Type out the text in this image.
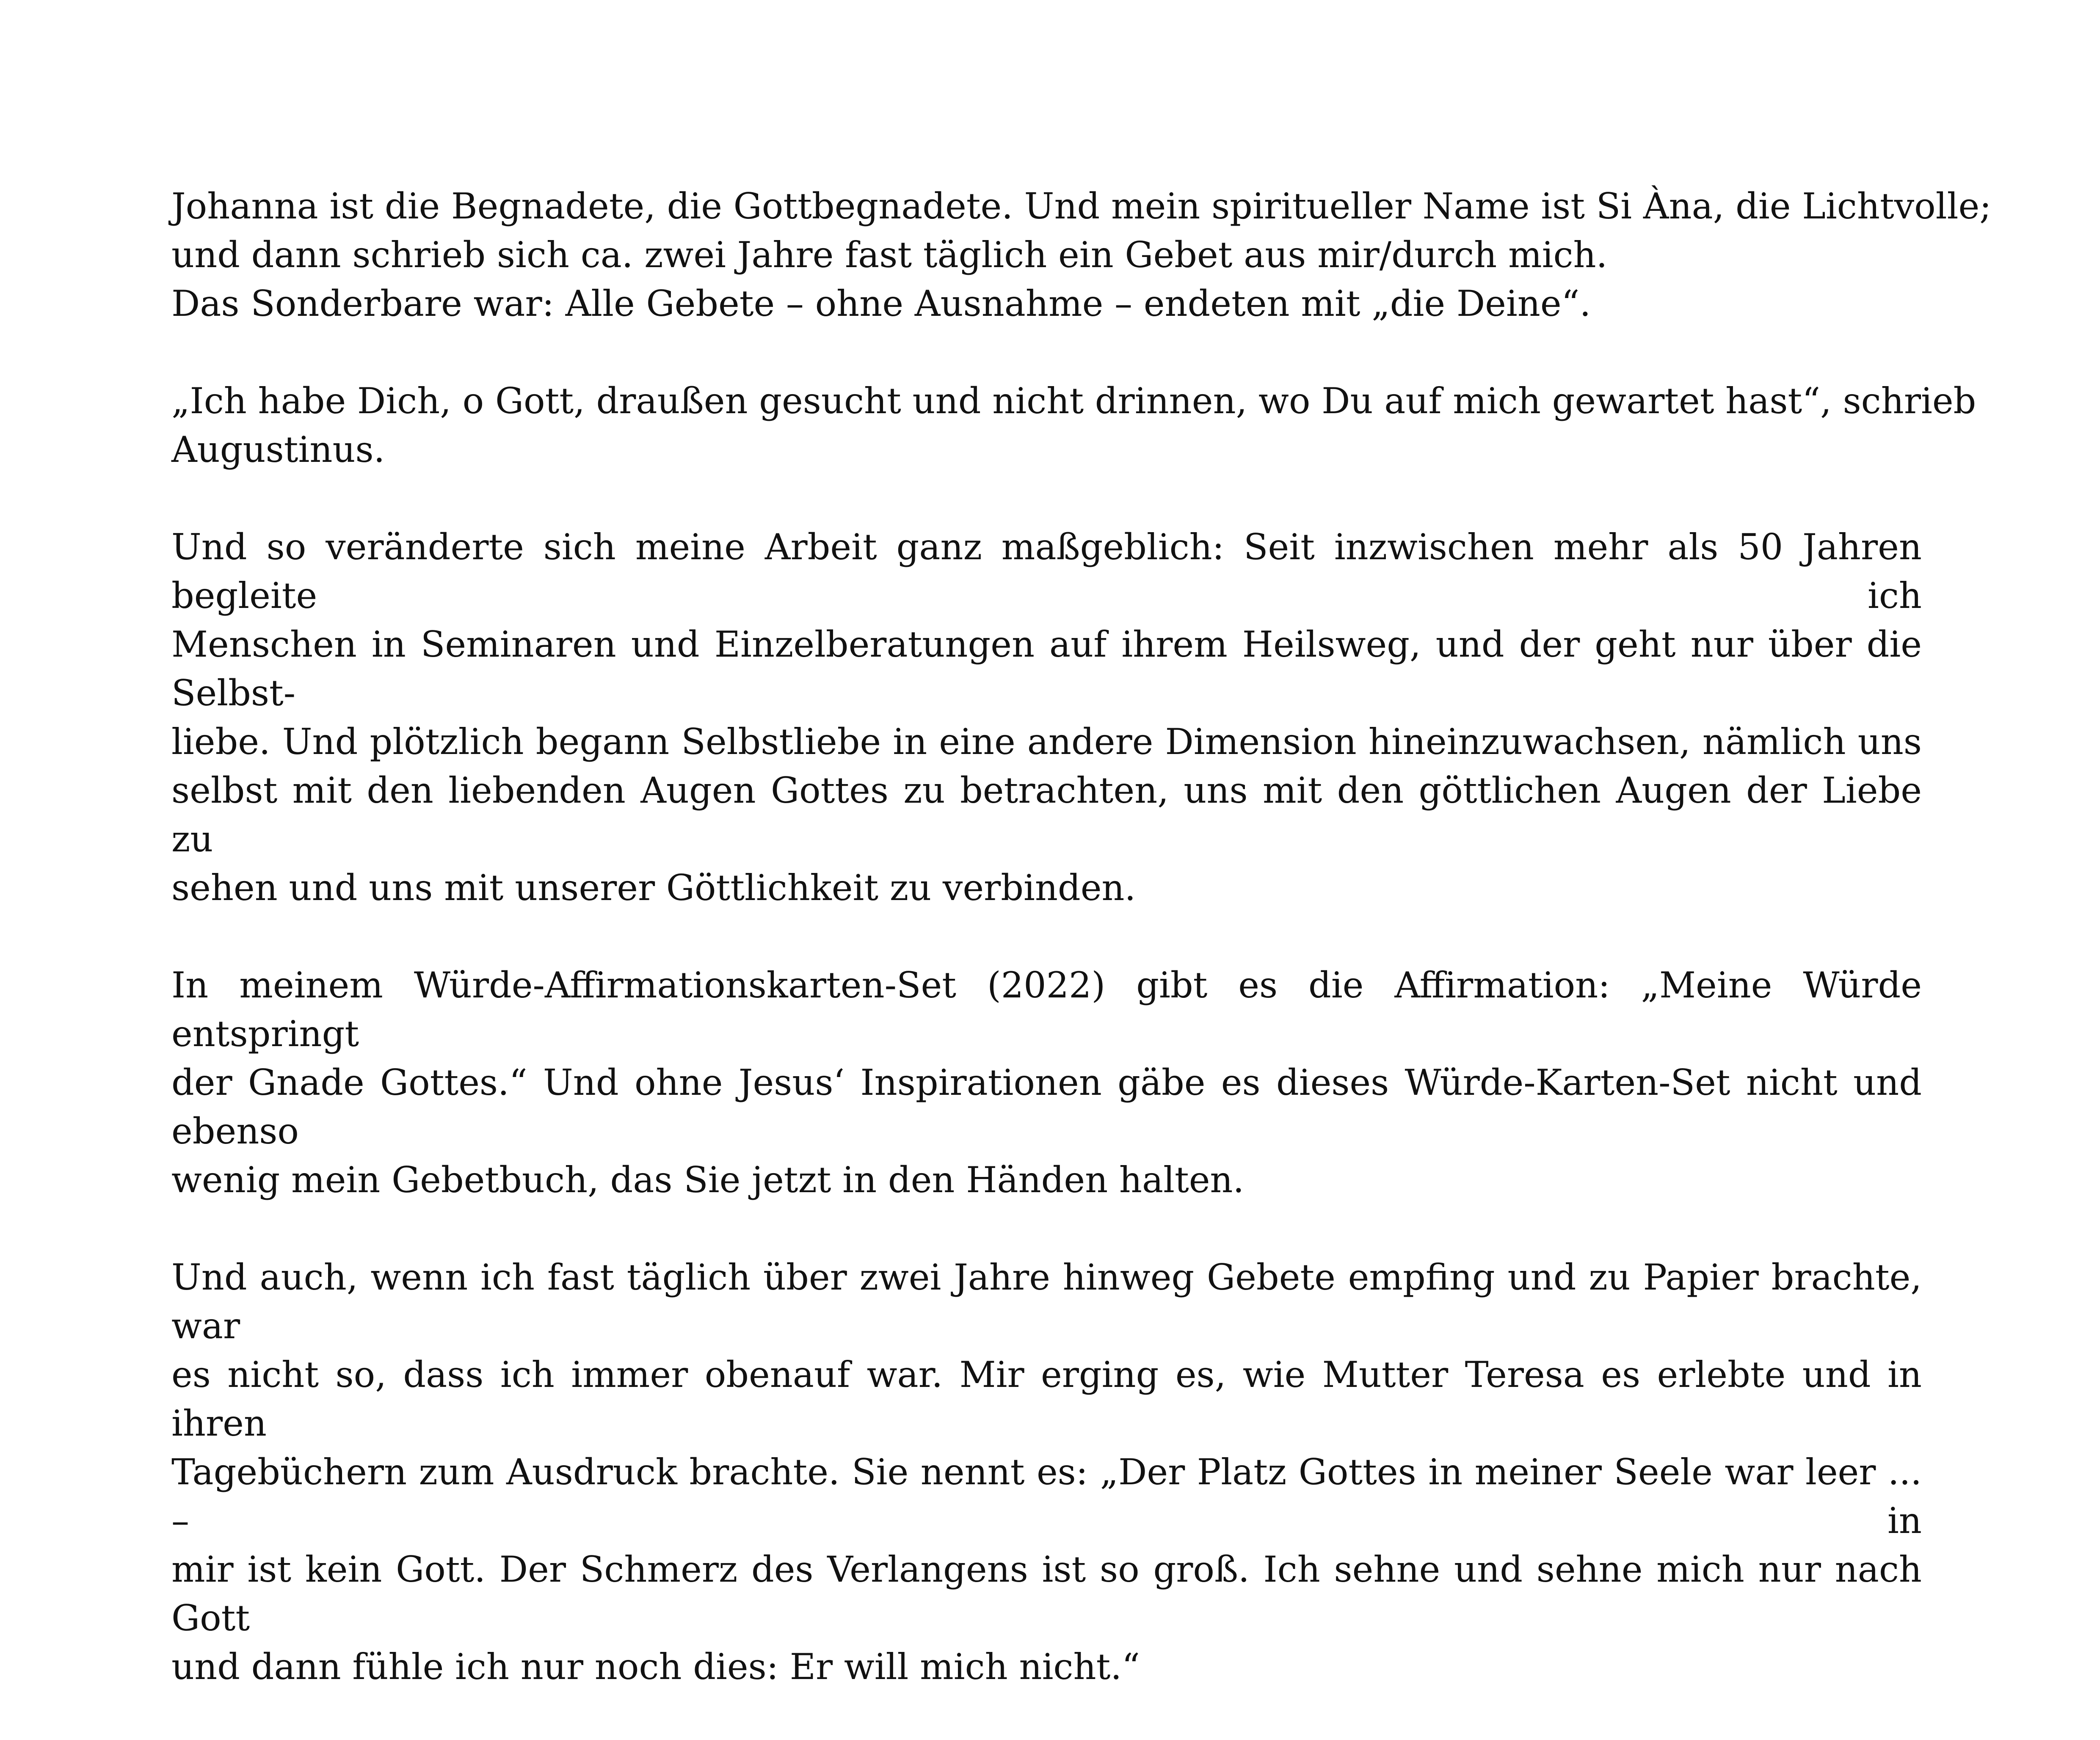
Johanna ist die Begnadete, die Gottbegnadete. Und mein spiritueller Name ist Si Àna, die Lichtvolle;
und dann schrieb sich ca. zwei Jahre fast täglich ein Gebet aus mir/durch mich.
Das Sonderbare war: Alle Gebete – ohne Ausnahme – endeten mit „die Deine“.
„Ich habe Dich, o Gott, draußen gesucht und nicht drinnen, wo Du auf mich gewartet hast“, schrieb
Augustinus.
Und so veränderte sich meine Arbeit ganz maßgeblich: Seit inzwischen mehr als 50 Jahren begleite ich
Menschen in Seminaren und Einzelberatungen auf ihrem Heilsweg, und der geht nur über die Selbst-
liebe. Und plötzlich begann Selbstliebe in eine andere Dimension hineinzuwachsen, nämlich uns
selbst mit den liebenden Augen Gottes zu betrachten, uns mit den göttlichen Augen der Liebe zu
sehen und uns mit unserer Göttlichkeit zu verbinden.
In meinem Würde-Affirmationskarten-Set (2022) gibt es die Affirmation: „Meine Würde entspringt
der Gnade Gottes.“ Und ohne Jesus‘ Inspirationen gäbe es dieses Würde-Karten-Set nicht und ebenso
wenig mein Gebetbuch, das Sie jetzt in den Händen halten.
Und auch, wenn ich fast täglich über zwei Jahre hinweg Gebete empfing und zu Papier brachte, war
es nicht so, dass ich immer obenauf war. Mir erging es, wie Mutter Teresa es erlebte und in ihren
Tagebüchern zum Ausdruck brachte. Sie nennt es: „Der Platz Gottes in meiner Seele war leer ... – in
mir ist kein Gott. Der Schmerz des Verlangens ist so groß. Ich sehne und sehne mich nur nach Gott
und dann fühle ich nur noch dies: Er will mich nicht.“
